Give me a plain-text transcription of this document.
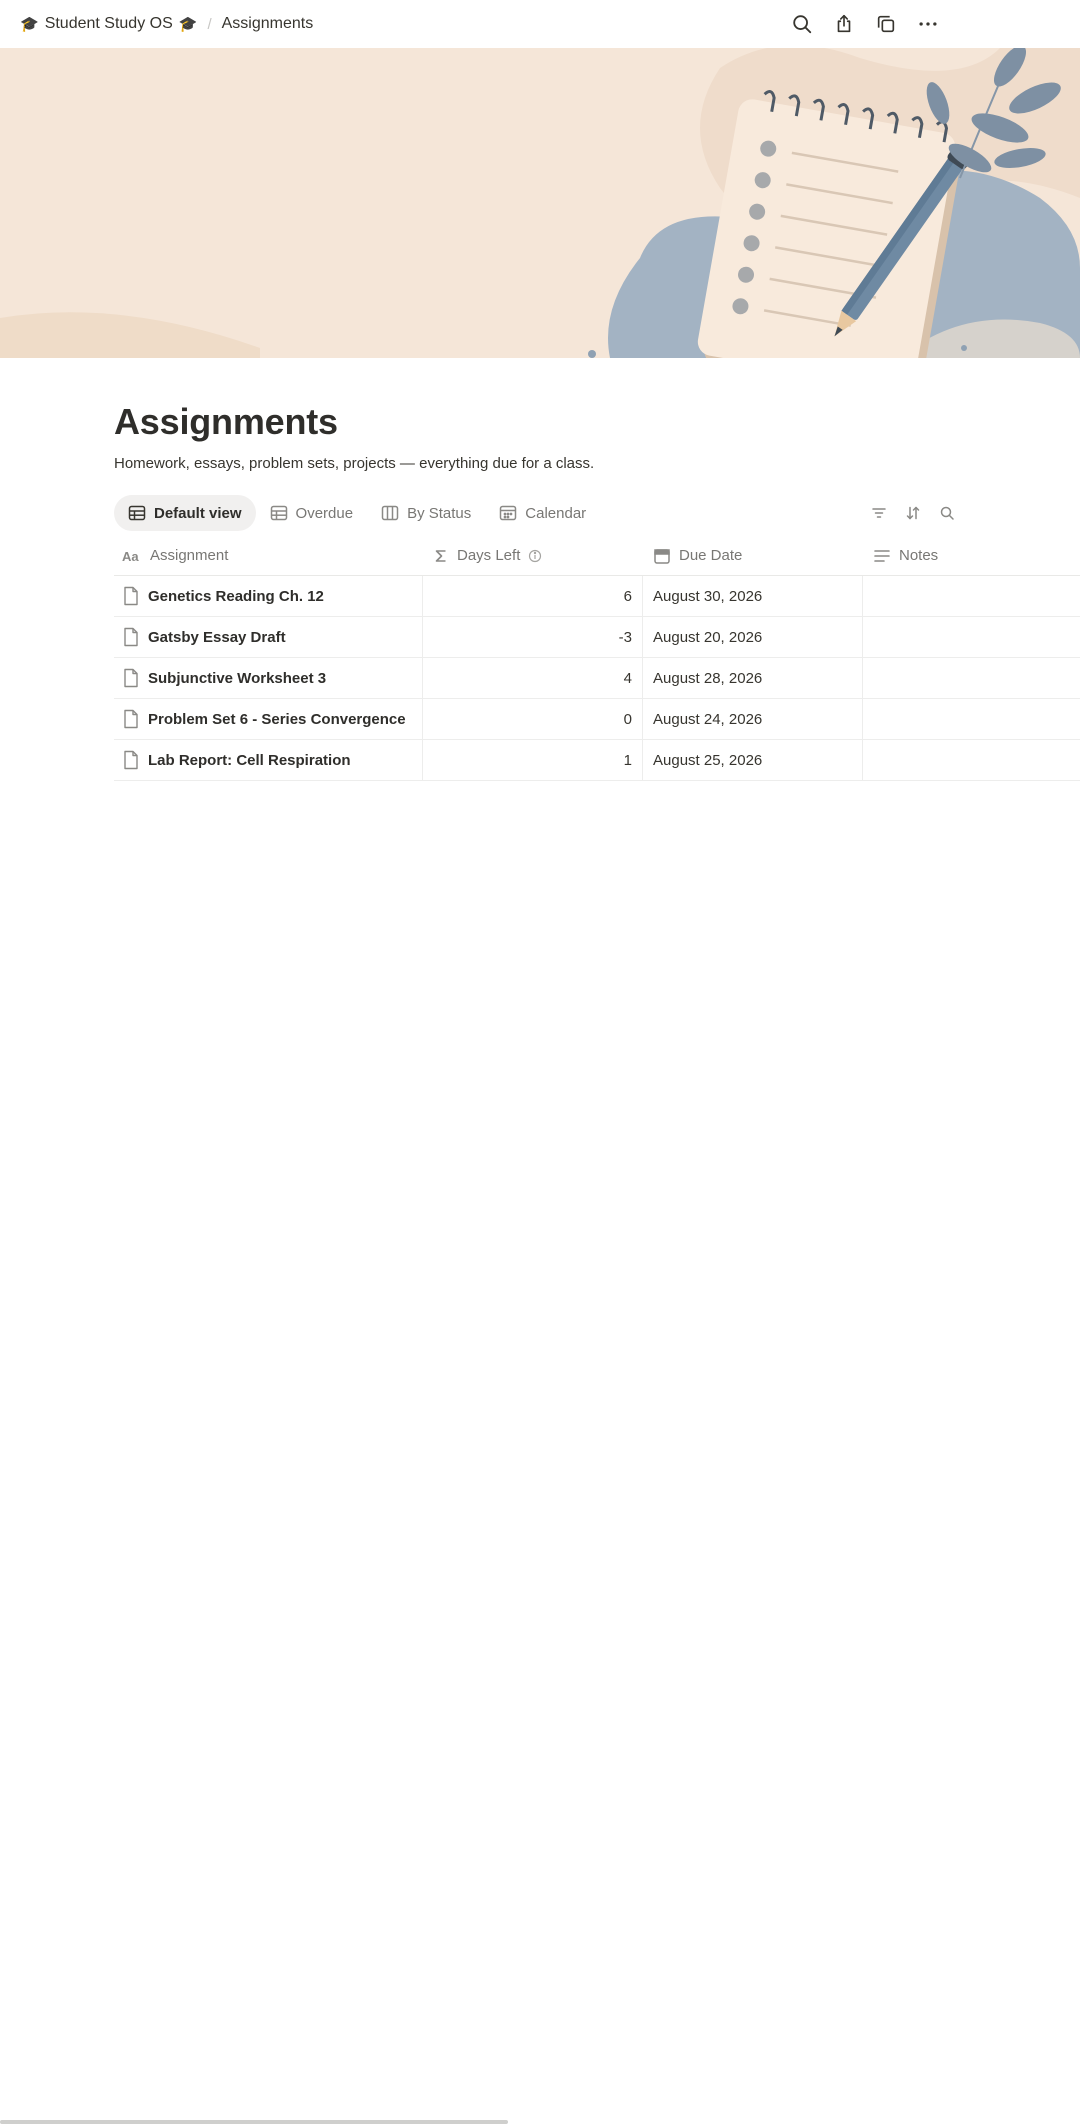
🎓 Student Study OS 🎓 / Assignments
Assignments

Homework, essays, problem sets, projects — everything due for a class.

Default view	Overdue	By Status	Calendar
Aa Assignment	Days Left	Due Date	Notes
Genetics Reading Ch. 12	6	August 30, 2026
Gatsby Essay Draft	-3	August 20, 2026
Subjunctive Worksheet 3	4	August 28, 2026
Problem Set 6 - Series Convergence	0	August 24, 2026
Lab Report: Cell Respiration	1	August 25, 2026
